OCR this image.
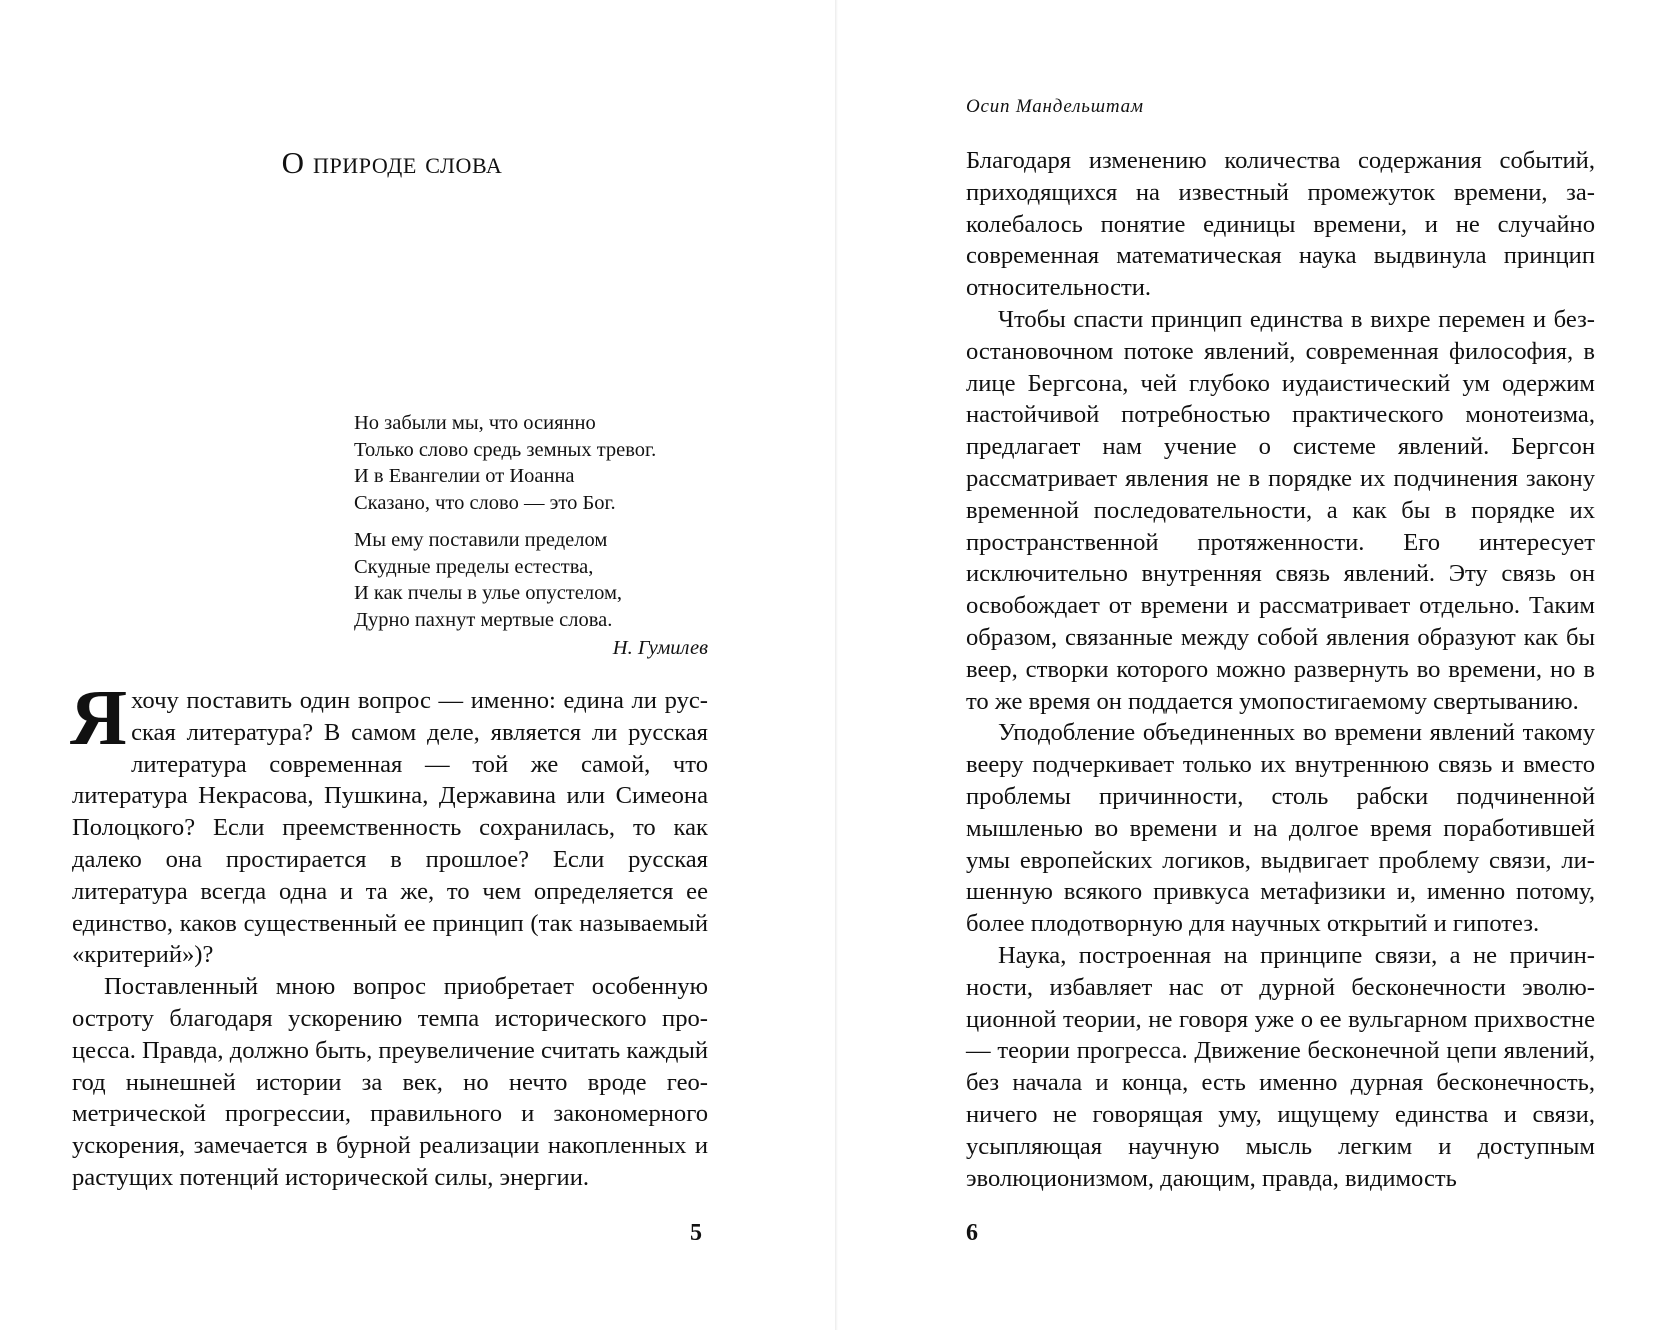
О природе слова
Но забыли мы, что осиянно
Только слово средь земных тревог.
И в Евангелии от Иоанна
Сказано, что слово — это Бог.
Мы ему поставили пределом
Скудные пределы естества,
И как пчелы в улье опустелом,
Дурно пахнут мертвые слова.
Н. Гумилев

Я хочу поставить один вопрос — именно: едина ли русская литература? В самом деле, является ли русская литература современная — той же самой, что литература Некрасова, Пушкина, Державина или Симеона Полоцкого? Если преемственность сохранилась, то как далеко она простирается в прошлое? Если русская литература всегда одна и та же, то чем определяется ее единство, каков существенный ее принцип (так называемый «критерий»)?

Поставленный мною вопрос приобретает особенную остроту благодаря ускорению темпа исторического процесса. Правда, должно быть, преувеличение считать каждый год нынешней истории за век, но нечто вроде геометрической прогрессии, правильного и закономерного ускорения, замечается в бурной реализации накопленных и растущих потенций исторической силы, энергии.

5
Осип Мандельштам

Благодаря изменению количества содержания событий, приходящихся на известный промежуток времени, заколебалось понятие единицы времени, и не случайно современная математическая наука выдвинула принцип относительности.

Чтобы спасти принцип единства в вихре перемен и безостановочном потоке явлений, современная философия, в лице Бергсона, чей глубоко иудаистический ум одержим настойчивой потребностью практического монотеизма, предлагает нам учение о системе явлений. Бергсон рассматривает явления не в порядке их подчинения закону временной последовательности, а как бы в порядке их пространственной протяженности. Его интересует исключительно внутренняя связь явлений. Эту связь он освобождает от времени и рассматривает отдельно. Таким образом, связанные между собой явления образуют как бы веер, створки которого можно развернуть во времени, но в то же время он поддается умопостигаемому свертыванию.

Уподобление объединенных во времени явлений такому вееру подчеркивает только их внутреннюю связь и вместо проблемы причинности, столь рабски подчиненной мышленью во времени и на долгое время поработившей умы европейских логиков, выдвигает проблему связи, лишенную всякого привкуса метафизики и, именно потому, более плодотворную для научных открытий и гипотез.

Наука, построенная на принципе связи, а не причинности, избавляет нас от дурной бесконечности эволюционной теории, не говоря уже о ее вульгарном прихвостне — теории прогресса. Движение бесконечной цепи явлений, без начала и конца, есть именно дурная бесконечность, ничего не говорящая уму, ищущему единства и связи, усыпляющая научную мысль легким и доступным эволюционизмом, дающим, правда, видимость

6
